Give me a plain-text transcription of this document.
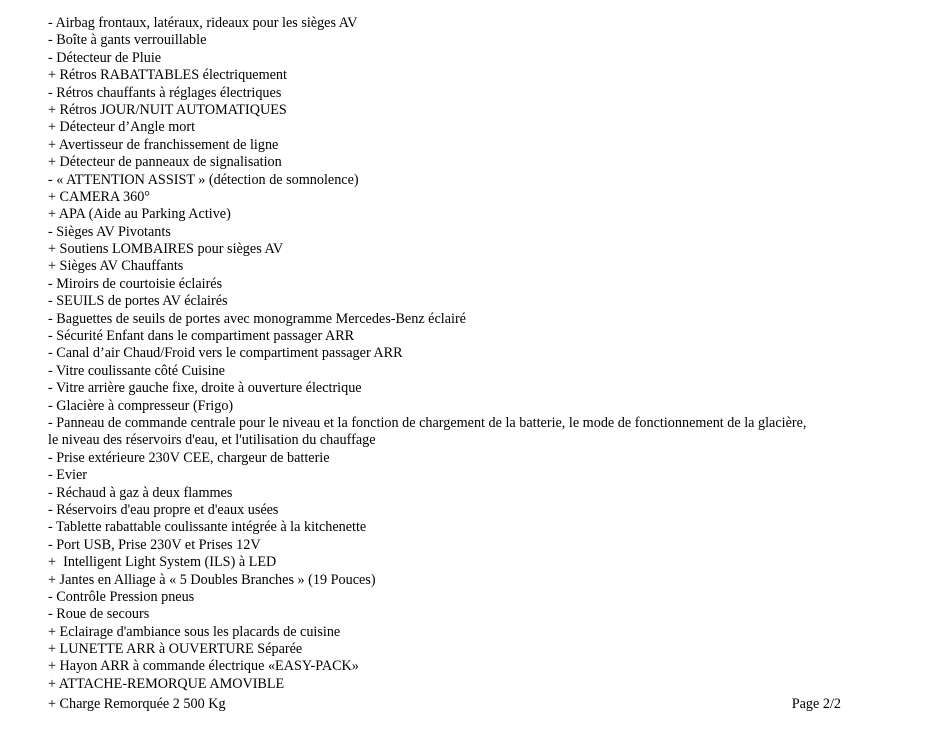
- Airbag frontaux, latéraux, rideaux pour les sièges AV
- Boîte à gants verrouillable
- Détecteur de Pluie
+ Rétros RABATTABLES électriquement
- Rétros chauffants à réglages électriques
+ Rétros JOUR/NUIT AUTOMATIQUES
+ Détecteur d’Angle mort
+ Avertisseur de franchissement de ligne
+ Détecteur de panneaux de signalisation
- « ATTENTION ASSIST » (détection de somnolence)
+ CAMERA 360°
+ APA (Aide au Parking Active)
- Sièges AV Pivotants
+ Soutiens LOMBAIRES pour sièges AV
+ Sièges AV Chauffants
- Miroirs de courtoisie éclairés
- SEUILS de portes AV éclairés
- Baguettes de seuils de portes avec monogramme Mercedes-Benz éclairé
- Sécurité Enfant dans le compartiment passager ARR
- Canal d’air Chaud/Froid vers le compartiment passager ARR
- Vitre coulissante côté Cuisine
- Vitre arrière gauche fixe, droite à ouverture électrique
- Glacière à compresseur (Frigo)
- Panneau de commande centrale pour le niveau et la fonction de chargement de la batterie, le mode de fonctionnement de la glacière, le niveau des réservoirs d'eau, et l'utilisation du chauffage
- Prise extérieure 230V CEE, chargeur de batterie
- Evier
- Réchaud à gaz à deux flammes
- Réservoirs d'eau propre et d'eaux usées
- Tablette rabattable coulissante intégrée à la kitchenette
- Port USB, Prise 230V et Prises 12V
+  Intelligent Light System (ILS) à LED
+ Jantes en Alliage à « 5 Doubles Branches » (19 Pouces)
- Contrôle Pression pneus
- Roue de secours
+ Eclairage d'ambiance sous les placards de cuisine
+ LUNETTE ARR à OUVERTURE Séparée
+ Hayon ARR à commande électrique «EASY-PACK»
+ ATTACHE-REMORQUE AMOVIBLE
+ Charge Remorquée 2 500 Kg	Page 2/2
